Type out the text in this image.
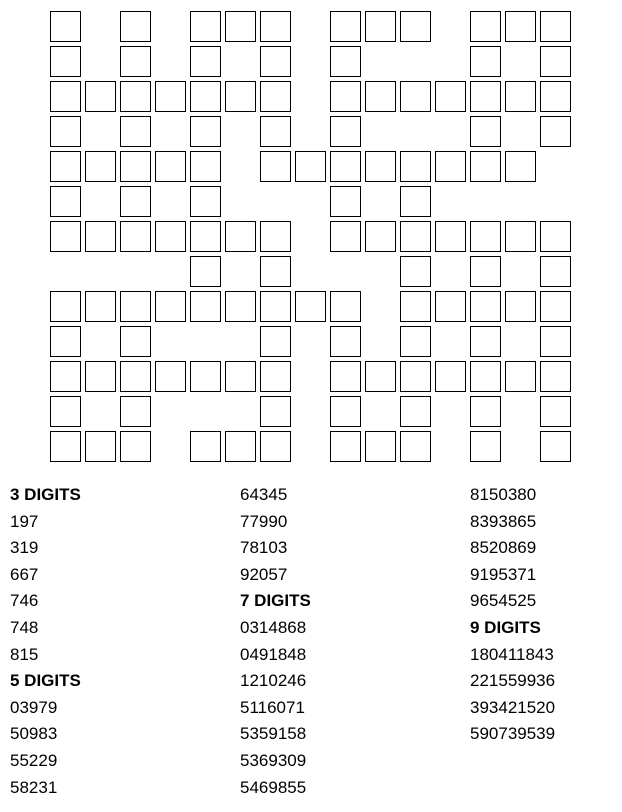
3 DIGITS
197
319
667
746
748
815
5 DIGITS
03979
50983
55229
58231
64345
77990
78103
92057
7 DIGITS
0314868
0491848
1210246
5116071
5359158
5369309
5469855
8150380
8393865
8520869
9195371
9654525
9 DIGITS
180411843
221559936
393421520
590739539
